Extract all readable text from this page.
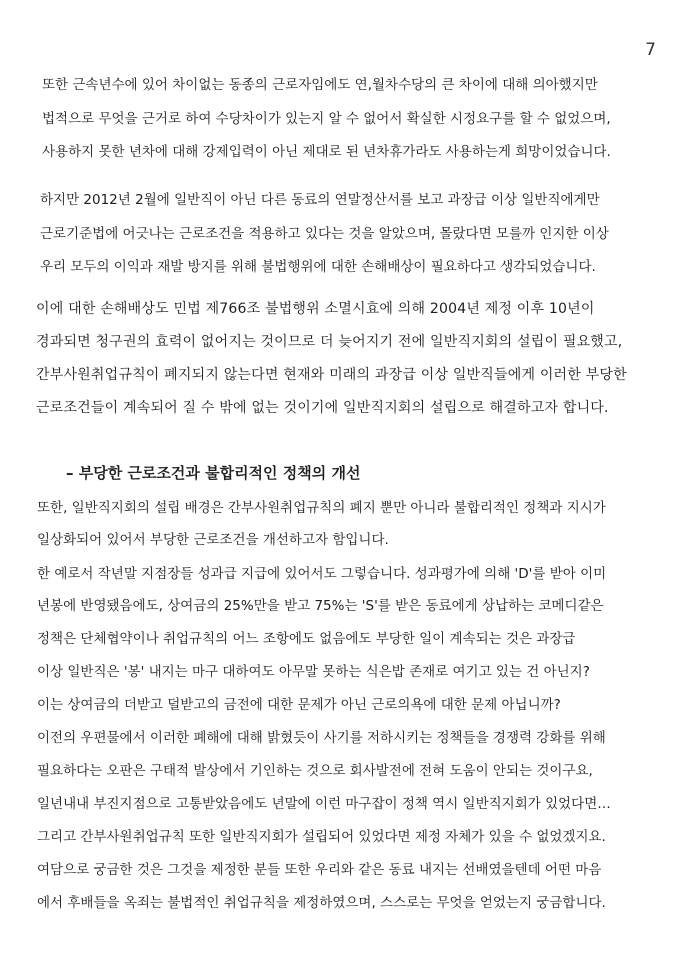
7
또한 근속년수에 있어 차이없는 동종의 근로자임에도 연,월차수당의 큰 차이에 대해 의아했지만
법적으로 무엇을 근거로 하여 수당차이가 있는지 알 수 없어서 확실한 시정요구를 할 수 없었으며,
사용하지 못한 년차에 대해 강제입력이 아닌 제대로 된 년차휴가라도 사용하는게 희망이었습니다.
하지만 2012년 2월에 일반직이 아닌 다른 동료의 연말정산서를 보고 과장급 이상 일반직에게만
근로기준법에 어긋나는 근로조건을 적용하고 있다는 것을 알았으며, 몰랐다면 모를까 인지한 이상
우리 모두의 이익과 재발 방지를 위해 불법행위에 대한 손해배상이 필요하다고 생각되었습니다.
이에 대한 손해배상도 민법 제766조 불법행위 소멸시효에 의해 2004년 제정 이후 10년이
경과되면 청구권의 효력이 없어지는 것이므로 더 늦어지기 전에 일반직지회의 설립이 필요했고,
간부사원취업규칙이 폐지되지 않는다면 현재와 미래의 과장급 이상 일반직들에게 이러한 부당한
근로조건들이 계속되어 질 수 밖에 없는 것이기에 일반직지회의 설립으로 해결하고자 합니다.
– 부당한 근로조건과 불합리적인 정책의 개선
또한, 일반직지회의 설립 배경은 간부사원취업규칙의 폐지 뿐만 아니라 불합리적인 정책과 지시가
일상화되어 있어서 부당한 근로조건을 개선하고자 함입니다.
한 예로서 작년말 지점장들 성과급 지급에 있어서도 그렇습니다. 성과평가에 의해 'D'를 받아 이미
년봉에 반영됐음에도, 상여금의 25%만을 받고 75%는 'S'를 받은 동료에게 상납하는 코메디같은
정책은 단체협약이나 취업규칙의 어느 조항에도 없음에도 부당한 일이 계속되는 것은 과장급
이상 일반직은 '봉' 내지는 마구 대하여도 아무말 못하는 식은밥 존재로 여기고 있는 건 아닌지?
이는 상여금의 더받고 덜받고의 금전에 대한 문제가 아닌 근로의욕에 대한 문제 아닙니까?
이전의 우편물에서 이러한 폐해에 대해 밝혔듯이 사기를 저하시키는 정책들을 경쟁력 강화를 위해
필요하다는 오판은 구태적 발상에서 기인하는 것으로 회사발전에 전혀 도움이 안되는 것이구요,
일년내내 부진지점으로 고통받았음에도 년말에 이런 마구잡이 정책 역시 일반직지회가 있었다면…
그리고 간부사원취업규칙 또한 일반직지회가 설립되어 있었다면 제정 자체가 있을 수 없었겠지요.
여담으로 궁금한 것은 그것을 제정한 분들 또한 우리와 같은 동료 내지는 선배였을텐데 어떤 마음
에서 후배들을 옥죄는 불법적인 취업규칙을 제정하였으며, 스스로는 무엇을 얻었는지 궁금합니다.
